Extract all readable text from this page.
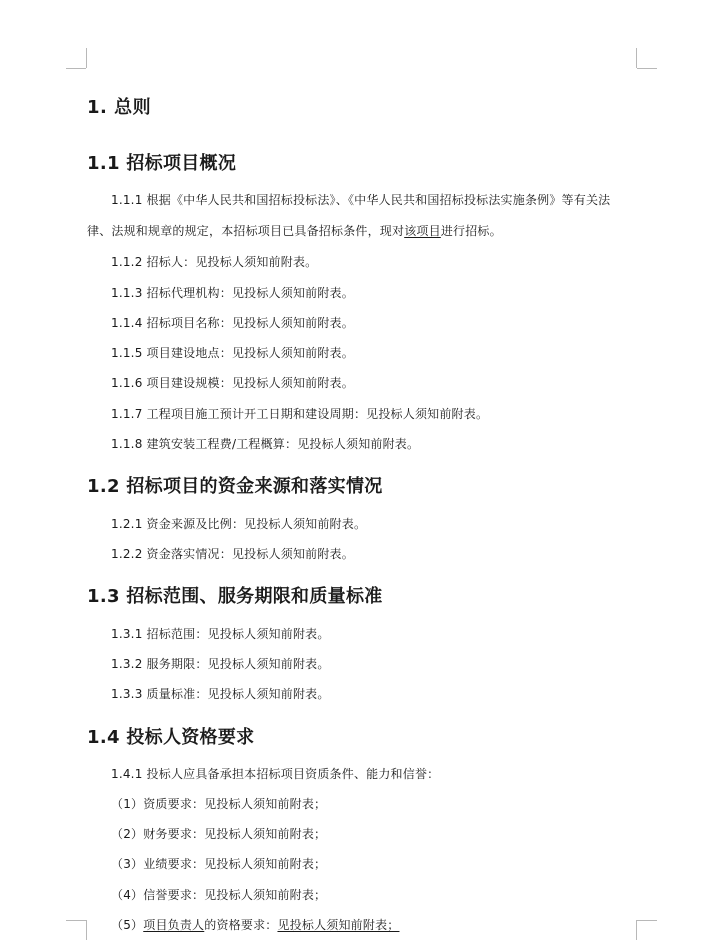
1. 总则
1.1 招标项目概况
1.1.1 根据《中华人民共和国招标投标法》、《中华人民共和国招标投标法实施条例》等有关法
律、法规和规章的规定，本招标项目已具备招标条件，现对该项目进行招标。
1.1.2 招标人：见投标人须知前附表。
1.1.3 招标代理机构：见投标人须知前附表。
1.1.4 招标项目名称：见投标人须知前附表。
1.1.5 项目建设地点：见投标人须知前附表。
1.1.6 项目建设规模：见投标人须知前附表。
1.1.7 工程项目施工预计开工日期和建设周期：见投标人须知前附表。
1.1.8 建筑安装工程费/工程概算：见投标人须知前附表。
1.2 招标项目的资金来源和落实情况
1.2.1 资金来源及比例：见投标人须知前附表。
1.2.2 资金落实情况：见投标人须知前附表。
1.3 招标范围、服务期限和质量标准
1.3.1 招标范围：见投标人须知前附表。
1.3.2 服务期限：见投标人须知前附表。
1.3.3 质量标准：见投标人须知前附表。
1.4 投标人资格要求
1.4.1 投标人应具备承担本招标项目资质条件、能力和信誉：
（1）资质要求：见投标人须知前附表；
（2）财务要求：见投标人须知前附表；
（3）业绩要求：见投标人须知前附表；
（4）信誉要求：见投标人须知前附表；
（5）项目负责人的资格要求：见投标人须知前附表；
